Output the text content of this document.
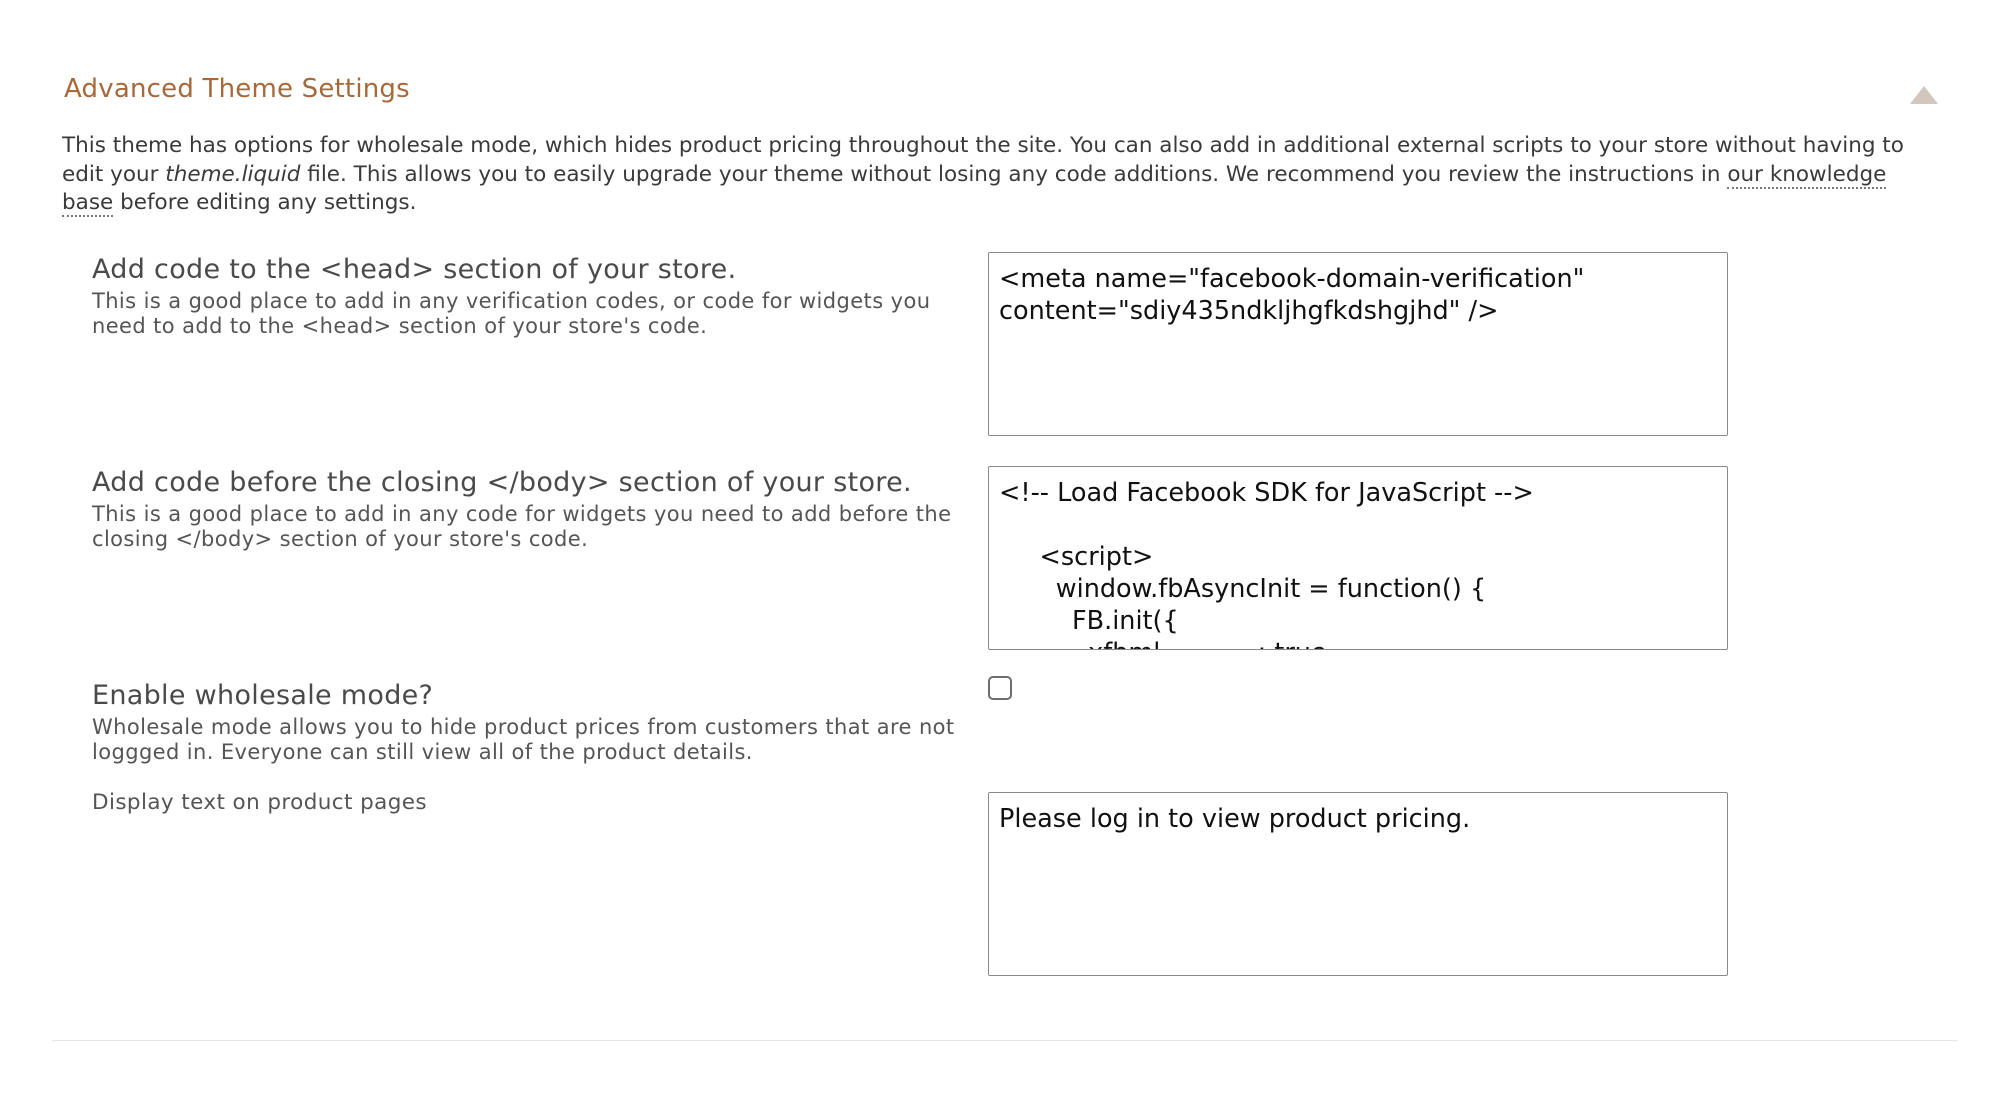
Advanced Theme Settings

This theme has options for wholesale mode, which hides product pricing throughout the site. You can also add in additional external scripts to your store without having to edit your theme.liquid file. This allows you to easily upgrade your theme without losing any code additions. We recommend you review the instructions in our knowledge base before editing any settings.

Add code to the <head> section of your store.

This is a good place to add in any verification codes, or code for widgets you need to add to the <head> section of your store's code.

<meta name="facebook-domain-verification" content="sdiy435ndkljhgfkdshgjhd" />
Add code before the closing </body> section of your store.

This is a good place to add in any code for widgets you need to add before the closing </body> section of your store's code.

<!-- Load Facebook SDK for JavaScript --> <script> window.fbAsyncInit = function() { FB.init({ xfbml : true,
Enable wholesale mode?

Wholesale mode allows you to hide product prices from customers that are not loggged in. Everyone can still view all of the product details.

Display text on product pages
Please log in to view product pricing.
